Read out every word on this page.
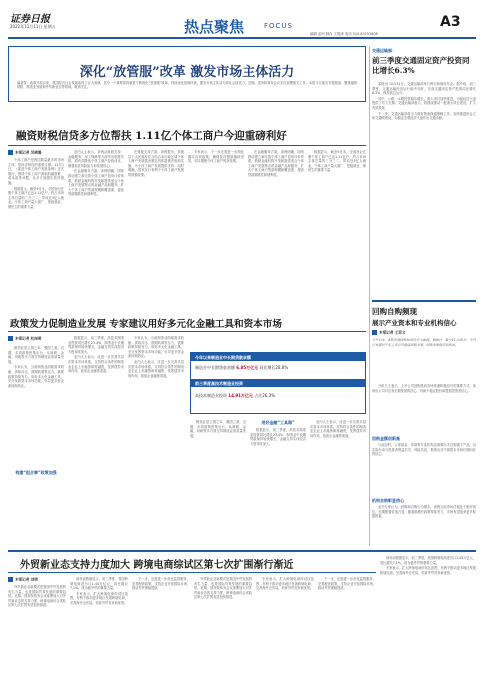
证券日报
2022年11月11日 星期五	热点聚焦	FOCUS	A3
编辑 孟珂 制作 王敬涛 电话 010-83251808
深化“放管服”改革 激发市场主体活力
编者按：改革开放以来，我国经济社会发展取得了巨大成就，其中一个重要原因就是不断深化“放管服”改革，持续优化营商环境，激发市场主体活力和社会创造力。近期，国务院常务会议多次部署相关工作，本报今日推出专题报道，聚焦融资财税、制造业发展和外贸新业态等领域，敬请关注。
融资财税信贷多方位帮扶 1.11亿个体工商户今迎重磅利好
本报记者 吴晓璐

个体工商户是我国数量最多的市场主体，是经济韧性的重要支撑。11月1日，《促进个体工商户发展条例》正式施行，围绕个体工商户面临的融资难、成本高等问题，从多方面提出扶持措施。

数据显示，截至9月末，全国登记在册个体工商户已达1.11亿户，约占市场主体总量的三分之二，带动近3亿人就业。个体工商户量大面广，是稳就业、保民生的重要力量。

业内人士表示，条例从财税支持、金融服务、用工保障等方面作出制度安排，将有效降低个体工商户经营成本，增强其抗风险能力和发展信心。

在金融服务方面，条例明确，国家推动建立和完善个体工商户信用评价体系，鼓励金融机构开发和提供适合个体工商户发展特点的金融产品和服务，扩大个体工商户贷款规模和覆盖面，提高贷款精准性和便利性。

在财税支持方面，条例提出，县级以上人民政府应当结合本行政区域个体工商户发展情况制定具体措施并组织实施，为个体工商户发展提供支持；同时明确，国家实行有利于个体工商户发展的财税政策。

专家表示，下一步还需进一步细化落实各项政策，确保扶持措施落地见效，切实增强个体工商户的获得感。

在金融服务方面，条例明确，国家推动建立和完善个体工商户信用评价体系，鼓励金融机构开发和提供适合个体工商户发展特点的金融产品和服务，扩大个体工商户贷款规模和覆盖面，提高贷款精准性和便利性。

数据显示，截至9月末，全国登记在册个体工商户已达1.11亿户，约占市场主体总量的三分之二，带动近3亿人就业。个体工商户量大面广，是稳就业、保民生的重要力量。

交通运输部：
前三季度交通固定资产投资同比增长6.3%

本报讯 10月31日，交通运输部举行例行新闻发布会。据介绍，前三季度，交通运输经济运行稳中向好，完成交通固定资产投资同比增长6.3%，保持高位运行。

其中，公路、水路投资稳步增长，重大项目加快推进，为稳经济大盘提供了有力支撑。交通运输部表示，将继续推动一批重大项目建设，扩大有效投资。

下一步，交通运输部将全力做好物流保通保畅工作，加快推进综合立体交通网建设，为稳定宏观经济大盘作出交通贡献。

政策发力促制造业发展 专家建议用好多元化金融工具和资本市场
本报记者 杜雨萌

制造业是立国之本、强国之基。近期，多项政策密集出台，从财税、金融、用地等多方面支持制造业高质量发展。

专家认为，当前制造业面临需求收缩、供给冲击、预期转弱等压力，需要政策持续发力。用好多元化金融工具，充分发挥资本市场功能，引导更多资金流向制造业。

构建“组合拳”政策加强

数据显示，前三季度，高技术制造业投资同比增长23.4%，制造业中长期贷款保持较快增长，金融支持实体经济力度持续加大。

业内人士表示，应进一步完善多层次资本市场体系，支持符合条件的制造业企业上市融资和再融资，发挥债券市场作用，拓宽企业融资渠道。

专家认为，当前制造业面临需求收缩、供给冲击、预期转弱等压力，需要政策持续发力。用好多元化金融工具，充分发挥资本市场功能，引导更多资金流向制造业。

业内人士表示，应进一步完善多层次资本市场体系，支持符合条件的制造业企业上市融资和再融资，发挥债券市场作用，拓宽企业融资渠道。

今年以来制造业中长期贷款余额
制造业中长期贷款余额 6.85万亿元 同比增长28.8%
前三季度高技术制造业投资
高技术制造业投资 14.91万亿元 占比26.3%

制造业是立国之本、强国之基。近期，多项政策密集出台，从财税、金融、用地等多方面支持制造业高质量发展。

用好金融“工具箱”

数据显示，前三季度，高技术制造业投资同比增长23.4%，制造业中长期贷款保持较快增长，金融支持实体经济力度持续加大。

业内人士表示，应进一步完善多层次资本市场体系，支持符合条件的制造业企业上市融资和再融资，发挥债券市场作用，拓宽企业融资渠道。

回购自购频现
展示产业资本和专业机构信心
本报记者 王思文
今年以来，A股市场回购和增持行为频现。据统计，截至11月10日，年内已有超过千家上市公司披露回购方案，回购金额创历史新高。

分析人士表示，上市公司回购是向市场传递积极信号的重要方式，体现出公司对自身长期发展的信心，有助于稳定股价和提振投资者信心。

回购金额创新高

与此同时，公募基金、券商等专业机构也频频出手自购旗下产品，以实际行动与投资者利益共享、风险共担，展现出对中国资本市场长期向好的信心。

机构自购彰显信心

业内专家认为，回购和自购行为增多，表明当前市场估值处于相对低位，长期配置价值凸显，随着稳增长政策持续发力，市场有望迎来更多积极因素。

外贸新业态支持力度加大 跨境电商综试区第七次扩围渐行渐近
本报记者 刘萌

外贸新业态新模式是我国外贸发展的有生力量，也是国际贸易发展的重要趋势。近期，国务院常务会议部署加大对外贸新业态的支持力度，跨境电商综合试验区第七次扩围有望加快推进。

商务部数据显示，前三季度，我国跨境电商进出口1.44万亿元，同比增长7.1%，成为稳外贸的重要力量。

专家表示，扩大跨境电商综试区范围，有利于推动更多地区发展跨境电商，完善海外仓布局，培育外贸竞争新优势。

下一步，还需进一步优化监管服务，完善配套政策，支持企业开拓国际市场，推动外贸保稳提质。

外贸新业态新模式是我国外贸发展的有生力量，也是国际贸易发展的重要趋势。近期，国务院常务会议部署加大对外贸新业态的支持力度，跨境电商综合试验区第七次扩围有望加快推进。

专家表示，扩大跨境电商综试区范围，有利于推动更多地区发展跨境电商，完善海外仓布局，培育外贸竞争新优势。

下一步，还需进一步优化监管服务，完善配套政策，支持企业开拓国际市场，推动外贸保稳提质。

商务部数据显示，前三季度，我国跨境电商进出口1.44万亿元，同比增长7.1%，成为稳外贸的重要力量。

专家表示，扩大跨境电商综试区范围，有利于推动更多地区发展跨境电商，完善海外仓布局，培育外贸竞争新优势。
